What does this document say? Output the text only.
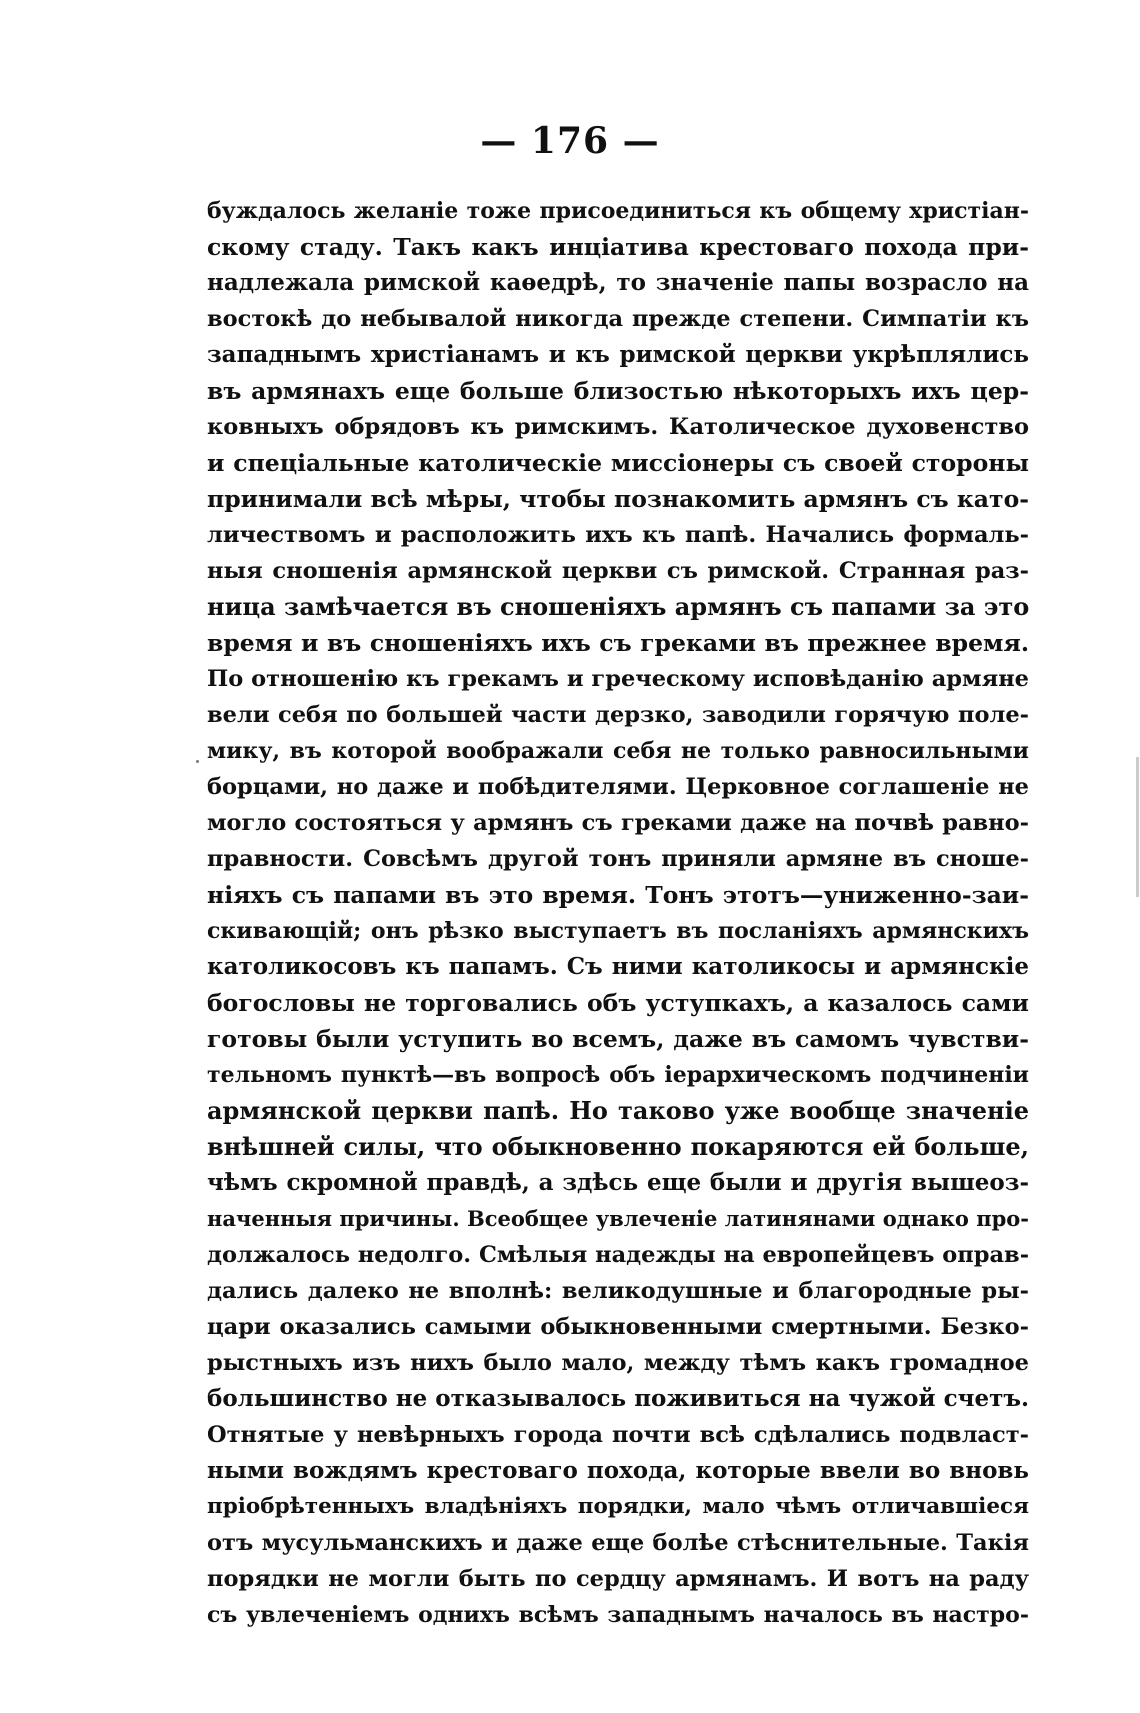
— 176 —
буждалось желаніе тоже присоединиться къ общему христіан-
скому стаду. Такъ какъ инціатива крестоваго похода при-
надлежала римской каѳедрѣ, то значеніе папы возрасло на
востокѣ до небывалой никогда прежде степени. Симпатіи къ
западнымъ христіанамъ и къ римской церкви укрѣплялись
въ армянахъ еще больше близостью нѣкоторыхъ ихъ цер-
ковныхъ обрядовъ къ римскимъ. Католическое духовенство
и спеціальные католическіе миссіонеры съ своей стороны
принимали всѣ мѣры, чтобы познакомить армянъ съ като-
личествомъ и расположить ихъ къ папѣ. Начались формаль-
ныя сношенія армянской церкви съ римской. Странная раз-
ница замѣчается въ сношеніяхъ армянъ съ папами за это
время и въ сношеніяхъ ихъ съ греками въ прежнее время.
По отношенію къ грекамъ и греческому исповѣданію армяне
вели себя по большей части дерзко, заводили горячую поле-
мику, въ которой воображали себя не только равносильными
борцами, но даже и побѣдителями. Церковное соглашеніе не
могло состояться у армянъ съ греками даже на почвѣ равно-
правности. Совсѣмъ другой тонъ приняли армяне въ сноше-
ніяхъ съ папами въ это время. Тонъ этотъ—униженно-заи-
скивающій; онъ рѣзко выступаетъ въ посланіяхъ армянскихъ
католикосовъ къ папамъ. Съ ними католикосы и армянскіе
богословы не торговались объ уступкахъ, а казалось сами
готовы были уступить во всемъ, даже въ самомъ чувстви-
тельномъ пунктѣ—въ вопросѣ объ іерархическомъ подчиненіи
армянской церкви папѣ. Но таково уже вообще значеніе
внѣшней силы, что обыкновенно покаряются ей больше,
чѣмъ скромной правдѣ, а здѣсь еще были и другія вышеоз-
наченныя причины. Всеобщее увлеченіе латинянами однако про-
должалось недолго. Смѣлыя надежды на европейцевъ оправ-
дались далеко не вполнѣ: великодушные и благородные ры-
цари оказались самыми обыкновенными смертными. Безко-
рыстныхъ изъ нихъ было мало, между тѣмъ какъ громадное
большинство не отказывалось поживиться на чужой счетъ.
Отнятые у невѣрныхъ города почти всѣ сдѣлались подвласт-
ными вождямъ крестоваго похода, которые ввели во вновь
пріобрѣтенныхъ владѣніяхъ порядки, мало чѣмъ отличавшіеся
отъ мусульманскихъ и даже еще болѣе стѣснительные. Такія
порядки не могли быть по сердцу армянамъ. И вотъ на раду
съ увлеченіемъ однихъ всѣмъ западнымъ началось въ настро-
